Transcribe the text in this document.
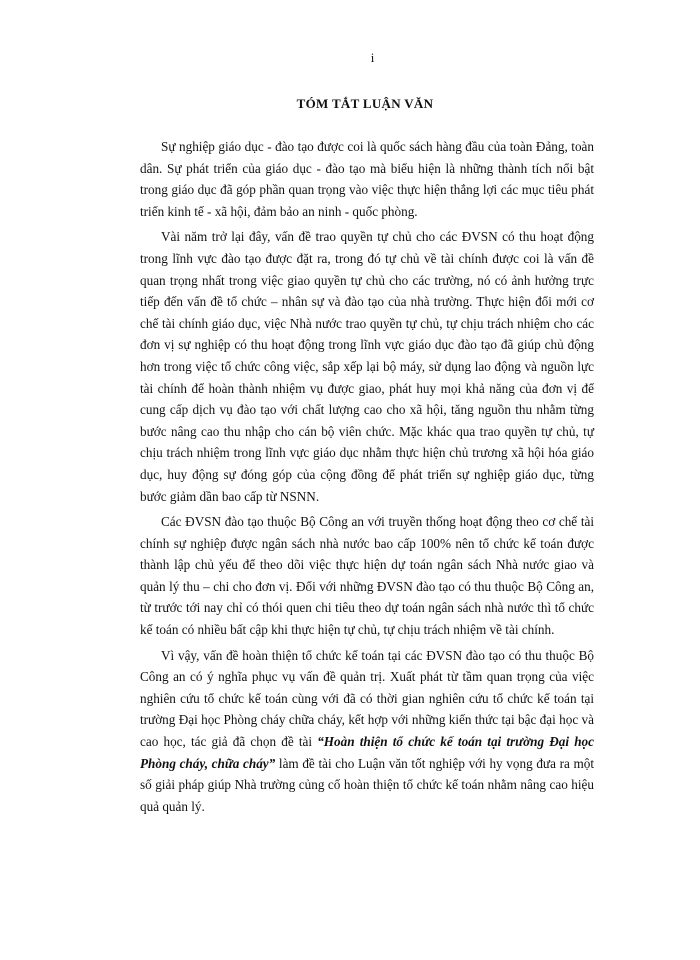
i
TÓM TẮT LUẬN VĂN

Sự nghiệp giáo dục - đào tạo được coi là quốc sách hàng đầu của toàn Đảng, toàn dân. Sự phát triển của giáo dục - đào tạo mà biểu hiện là những thành tích nổi bật trong giáo dục đã góp phần quan trọng vào việc thực hiện thắng lợi các mục tiêu phát triển kinh tế - xã hội, đảm bảo an ninh - quốc phòng.

Vài năm trở lại đây, vấn đề trao quyền tự chủ cho các ĐVSN có thu hoạt động trong lĩnh vực đào tạo được đặt ra, trong đó tự chủ về tài chính được coi là vấn đề quan trọng nhất trong việc giao quyền tự chủ cho các trường, nó có ảnh hưởng trực tiếp đến vấn đề tổ chức – nhân sự và đào tạo của nhà trường. Thực hiện đổi mới cơ chế tài chính giáo dục, việc Nhà nước trao quyền tự chủ, tự chịu trách nhiệm cho các đơn vị sự nghiệp có thu hoạt động trong lĩnh vực giáo dục đào tạo đã giúp chủ động hơn trong việc tổ chức công việc, sắp xếp lại bộ máy, sử dụng lao động và nguồn lực tài chính để hoàn thành nhiệm vụ được giao, phát huy mọi khả năng của đơn vị để cung cấp dịch vụ đào tạo với chất lượng cao cho xã hội, tăng nguồn thu nhằm từng bước nâng cao thu nhập cho cán bộ viên chức. Mặc khác qua trao quyền tự chủ, tự chịu trách nhiệm trong lĩnh vực giáo dục nhằm thực hiện chủ trương xã hội hóa giáo dục, huy động sự đóng góp của cộng đồng để phát triển sự nghiệp giáo dục, từng bước giảm dần bao cấp từ NSNN.

Các ĐVSN đào tạo thuộc Bộ Công an với truyền thống hoạt động theo cơ chế tài chính sự nghiệp được ngân sách nhà nước bao cấp 100% nên tổ chức kế toán được thành lập chủ yếu để theo dõi việc thực hiện dự toán ngân sách Nhà nước giao và quản lý thu – chi cho đơn vị. Đối với những ĐVSN đào tạo có thu thuộc Bộ Công an, từ trước tới nay chỉ có thói quen chi tiêu theo dự toán ngân sách nhà nước thì tổ chức kế toán có nhiều bất cập khi thực hiện tự chủ, tự chịu trách nhiệm về tài chính.

Vì vậy, vấn đề hoàn thiện tổ chức kế toán tại các ĐVSN đào tạo có thu thuộc Bộ Công an có ý nghĩa phục vụ vấn đề quản trị. Xuất phát từ tầm quan trọng của việc nghiên cứu tổ chức kế toán cùng với đã có thời gian nghiên cứu tổ chức kế toán tại trường Đại học Phòng cháy chữa cháy, kết hợp với những kiến thức tại bậc đại học và cao học, tác giả đã chọn đề tài “Hoàn thiện tổ chức kế toán tại trường Đại học Phòng cháy, chữa cháy” làm đề tài cho Luận văn tốt nghiệp với hy vọng đưa ra một số giải pháp giúp Nhà trường củng cố hoàn thiện tổ chức kế toán nhằm nâng cao hiệu quả quản lý.
